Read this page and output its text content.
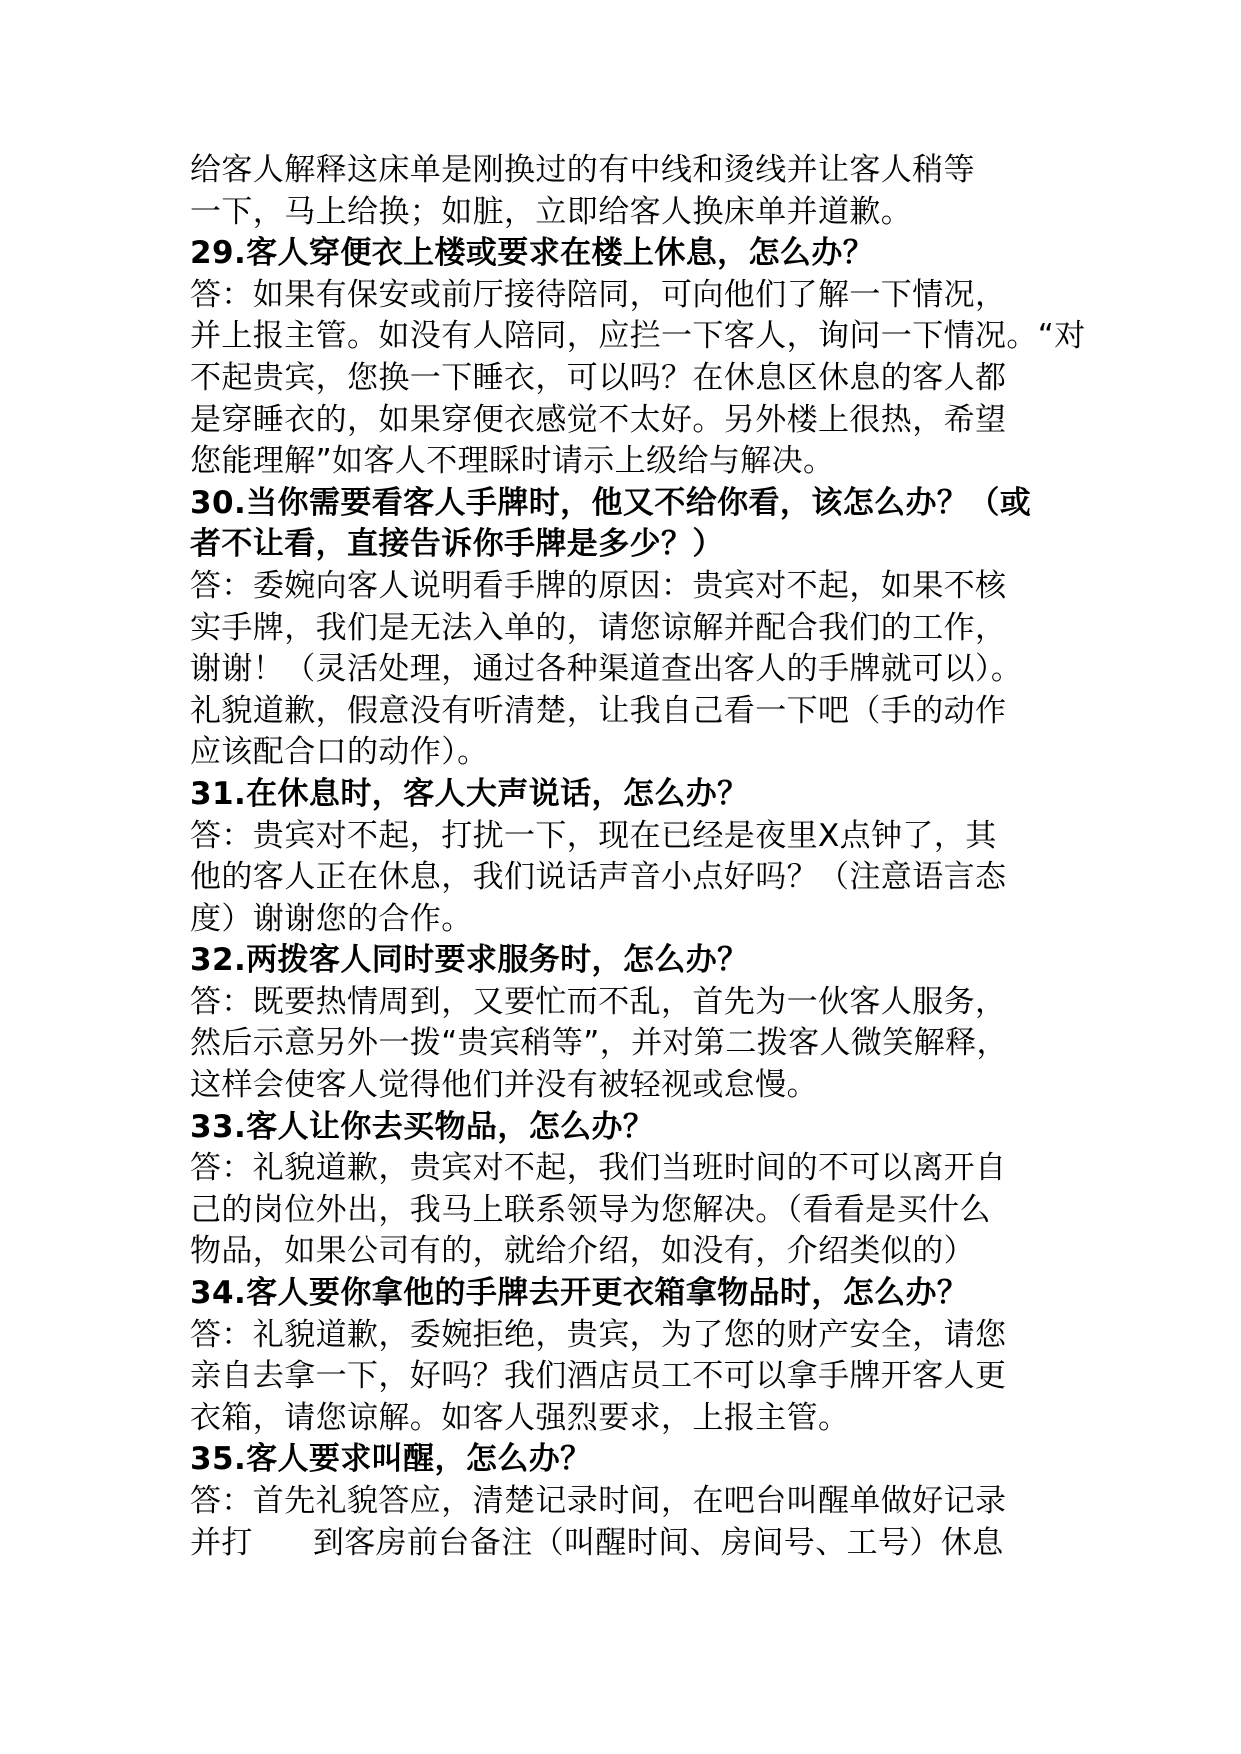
给客人解释这床单是刚换过的有中线和烫线并让客人稍等
一下，马上给换；如脏，立即给客人换床单并道歉。
29.客人穿便衣上楼或要求在楼上休息，怎么办？
答：如果有保安或前厅接待陪同，可向他们了解一下情况，
并上报主管。如没有人陪同，应拦一下客人，询问一下情况。“对
不起贵宾，您换一下睡衣，可以吗？在休息区休息的客人都
是穿睡衣的，如果穿便衣感觉不太好。另外楼上很热，希望
您能理解”如客人不理睬时请示上级给与解决。
30.当你需要看客人手牌时，他又不给你看，该怎么办？（或
者不让看，直接告诉你手牌是多少？）
答：委婉向客人说明看手牌的原因：贵宾对不起，如果不核
实手牌，我们是无法入单的，请您谅解并配合我们的工作，
谢谢！（灵活处理，通过各种渠道查出客人的手牌就可以）。
礼貌道歉，假意没有听清楚，让我自己看一下吧（手的动作
应该配合口的动作）。
31.在休息时，客人大声说话，怎么办？
答：贵宾对不起，打扰一下，现在已经是夜里X点钟了，其
他的客人正在休息，我们说话声音小点好吗？（注意语言态
度）谢谢您的合作。
32.两拨客人同时要求服务时，怎么办？
答：既要热情周到，又要忙而不乱，首先为一伙客人服务，
然后示意另外一拨“贵宾稍等”，并对第二拨客人微笑解释，
这样会使客人觉得他们并没有被轻视或怠慢。
33.客人让你去买物品，怎么办？
答：礼貌道歉，贵宾对不起，我们当班时间的不可以离开自
己的岗位外出，我马上联系领导为您解决。（看看是买什么
物品，如果公司有的，就给介绍，如没有，介绍类似的）
34.客人要你拿他的手牌去开更衣箱拿物品时，怎么办？
答：礼貌道歉，委婉拒绝，贵宾，为了您的财产安全，请您
亲自去拿一下，好吗？我们酒店员工不可以拿手牌开客人更
衣箱，请您谅解。如客人强烈要求，上报主管。
35.客人要求叫醒，怎么办？
答：首先礼貌答应，清楚记录时间，在吧台叫醒单做好记录
并打 到客房前台备注（叫醒时间、房间号、工号）休息
